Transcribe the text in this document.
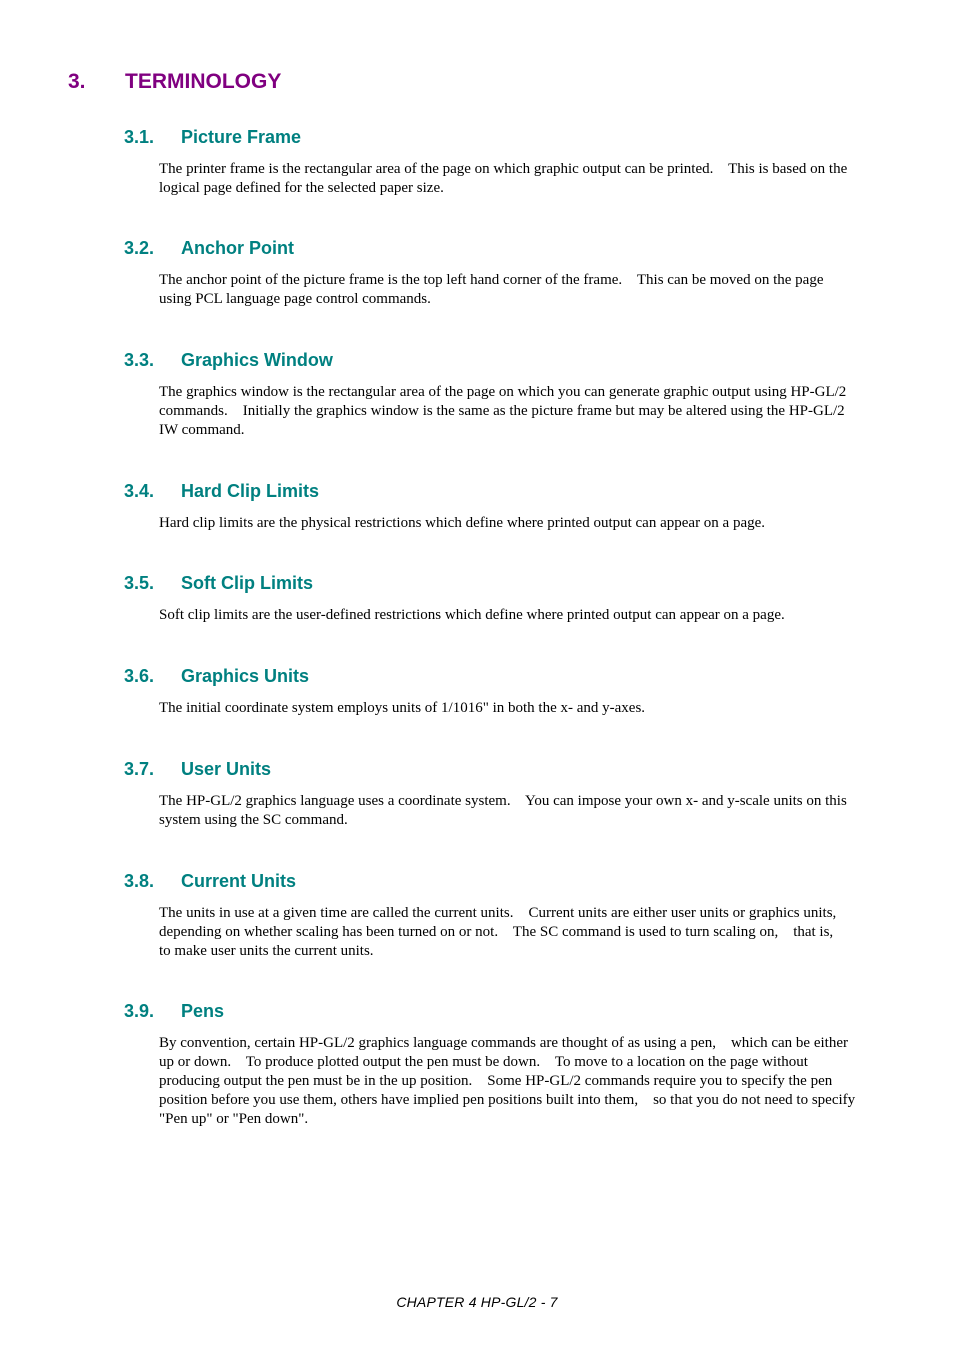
3.	TERMINOLOGY
3.1.	Picture Frame

The printer frame is the rectangular area of the page on which graphic output can be printed.    This is based on the logical page defined for the selected paper size.

3.2.	Anchor Point

The anchor point of the picture frame is the top left hand corner of the frame.    This can be moved on the page using PCL language page control commands.

3.3.	Graphics Window

The graphics window is the rectangular area of the page on which you can generate graphic output using HP-GL/2 commands.    Initially the graphics window is the same as the picture frame but may be altered using the HP-GL/2 IW command.

3.4.	Hard Clip Limits

Hard clip limits are the physical restrictions which define where printed output can appear on a page.

3.5.	Soft Clip Limits

Soft clip limits are the user-defined restrictions which define where printed output can appear on a page.

3.6.	Graphics Units

The initial coordinate system employs units of 1/1016" in both the x- and y-axes.

3.7.	User Units

The HP-GL/2 graphics language uses a coordinate system.    You can impose your own x- and y-scale units on this system using the SC command.

3.8.	Current Units

The units in use at a given time are called the current units.    Current units are either user units or graphics units,    depending on whether scaling has been turned on or not.    The SC command is used to turn scaling on,    that is,    to make user units the current units.

3.9.	Pens

By convention, certain HP-GL/2 graphics language commands are thought of as using a pen,    which can be either up or down.    To produce plotted output the pen must be down.    To move to a location on the page without producing output the pen must be in the up position.    Some HP-GL/2 commands require you to specify the pen position before you use them, others have implied pen positions built into them,    so that you do not need to specify "Pen up" or "Pen down".

CHAPTER 4 HP-GL/2 - 7
